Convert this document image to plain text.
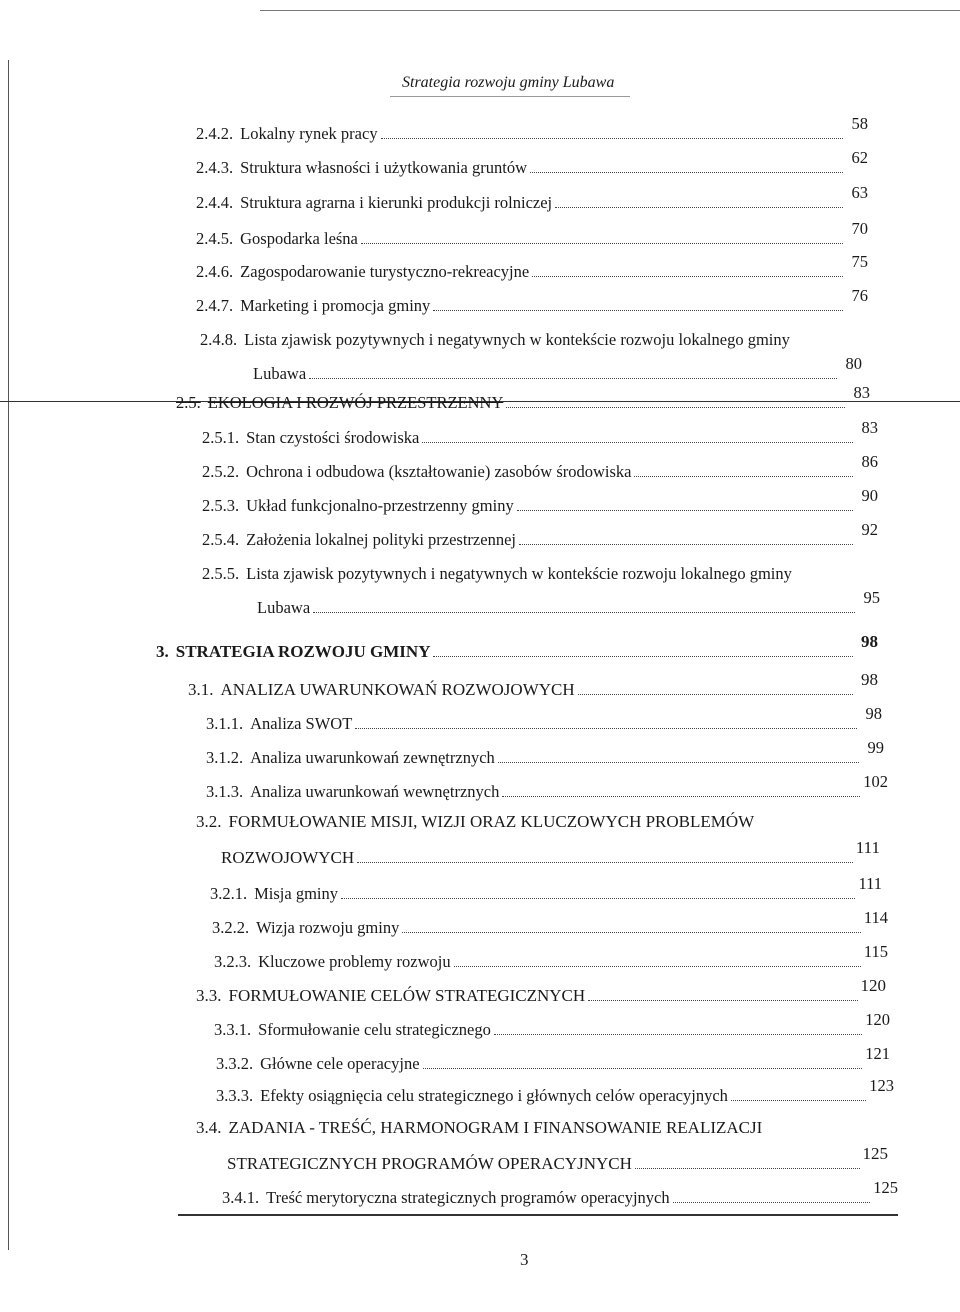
Strategia rozwoju gminy Lubawa
2.4.2. Lokalny rynek pracy
58
2.4.3. Struktura własności i użytkowania gruntów
62
2.4.4. Struktura agrarna i kierunki produkcji rolniczej
63
2.4.5. Gospodarka leśna
70
2.4.6. Zagospodarowanie turystyczno-rekreacyjne
75
2.4.7. Marketing i promocja gminy
76
2.4.8. Lista zjawisk pozytywnych i negatywnych w kontekście rozwoju lokalnego gminy
Lubawa
80
2.5. EKOLOGIA I ROZWÓJ PRZESTRZENNY
83
2.5.1. Stan czystości środowiska
83
2.5.2. Ochrona i odbudowa (kształtowanie) zasobów środowiska
86
2.5.3. Układ funkcjonalno-przestrzenny gminy
90
2.5.4. Założenia lokalnej polityki przestrzennej
92
2.5.5. Lista zjawisk pozytywnych i negatywnych w kontekście rozwoju lokalnego gminy
Lubawa
95
3. STRATEGIA ROZWOJU GMINY
98
3.1. ANALIZA UWARUNKOWAŃ ROZWOJOWYCH
98
3.1.1. Analiza SWOT
98
3.1.2. Analiza uwarunkowań zewnętrznych
99
3.1.3. Analiza uwarunkowań wewnętrznych
102
3.2. FORMUŁOWANIE MISJI, WIZJI ORAZ KLUCZOWYCH PROBLEMÓW
ROZWOJOWYCH
111
3.2.1. Misja gminy
111
3.2.2. Wizja rozwoju gminy
114
3.2.3. Kluczowe problemy rozwoju
115
3.3. FORMUŁOWANIE CELÓW STRATEGICZNYCH
120
3.3.1. Sformułowanie celu strategicznego
120
3.3.2. Główne cele operacyjne
121
3.3.3. Efekty osiągnięcia celu strategicznego i głównych celów operacyjnych
123
3.4. ZADANIA - TREŚĆ, HARMONOGRAM I FINANSOWANIE REALIZACJI
STRATEGICZNYCH PROGRAMÓW OPERACYJNYCH
125
3.4.1. Treść merytoryczna strategicznych programów operacyjnych
125
3
